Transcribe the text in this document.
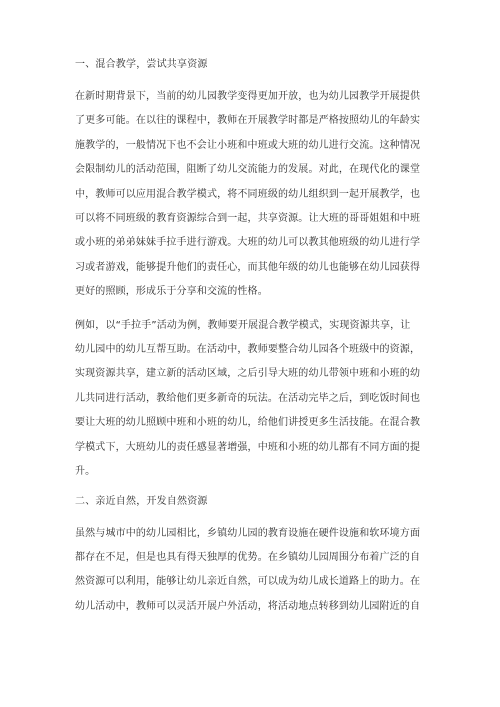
一、混合教学，尝试共享资源
在新时期背景下，当前的幼儿园教学变得更加开放，也为幼儿园教学开展提供
了更多可能。在以往的课程中，教师在开展教学时都是严格按照幼儿的年龄实
施教学的，一般情况下也不会让小班和中班或大班的幼儿进行交流。这种情况
会限制幼儿的活动范围，阻断了幼儿交流能力的发展。对此，在现代化的课堂
中，教师可以应用混合教学模式，将不同班级的幼儿组织到一起开展教学，也
可以将不同班级的教育资源综合到一起，共享资源。让大班的哥哥姐姐和中班
或小班的弟弟妹妹手拉手进行游戏。大班的幼儿可以教其他班级的幼儿进行学
习或者游戏，能够提升他们的责任心，而其他年级的幼儿也能够在幼儿园获得
更好的照顾，形成乐于分享和交流的性格。
例如，以“手拉手”活动为例，教师要开展混合教学模式，实现资源共享，让
幼儿园中的幼儿互帮互助。在活动中，教师要整合幼儿园各个班级中的资源，
实现资源共享，建立新的活动区域，之后引导大班的幼儿带领中班和小班的幼
儿共同进行活动，教给他们更多新奇的玩法。在活动完毕之后，到吃饭时间也
要让大班的幼儿照顾中班和小班的幼儿，给他们讲授更多生活技能。在混合教
学模式下，大班幼儿的责任感显著增强，中班和小班的幼儿都有不同方面的提
升。
二、亲近自然，开发自然资源
虽然与城市中的幼儿园相比，乡镇幼儿园的教育设施在硬件设施和软环境方面
都存在不足，但是也具有得天独厚的优势。在乡镇幼儿园周围分布着广泛的自
然资源可以利用，能够让幼儿亲近自然，可以成为幼儿成长道路上的助力。在
幼儿活动中，教师可以灵活开展户外活动，将活动地点转移到幼儿园附近的自
